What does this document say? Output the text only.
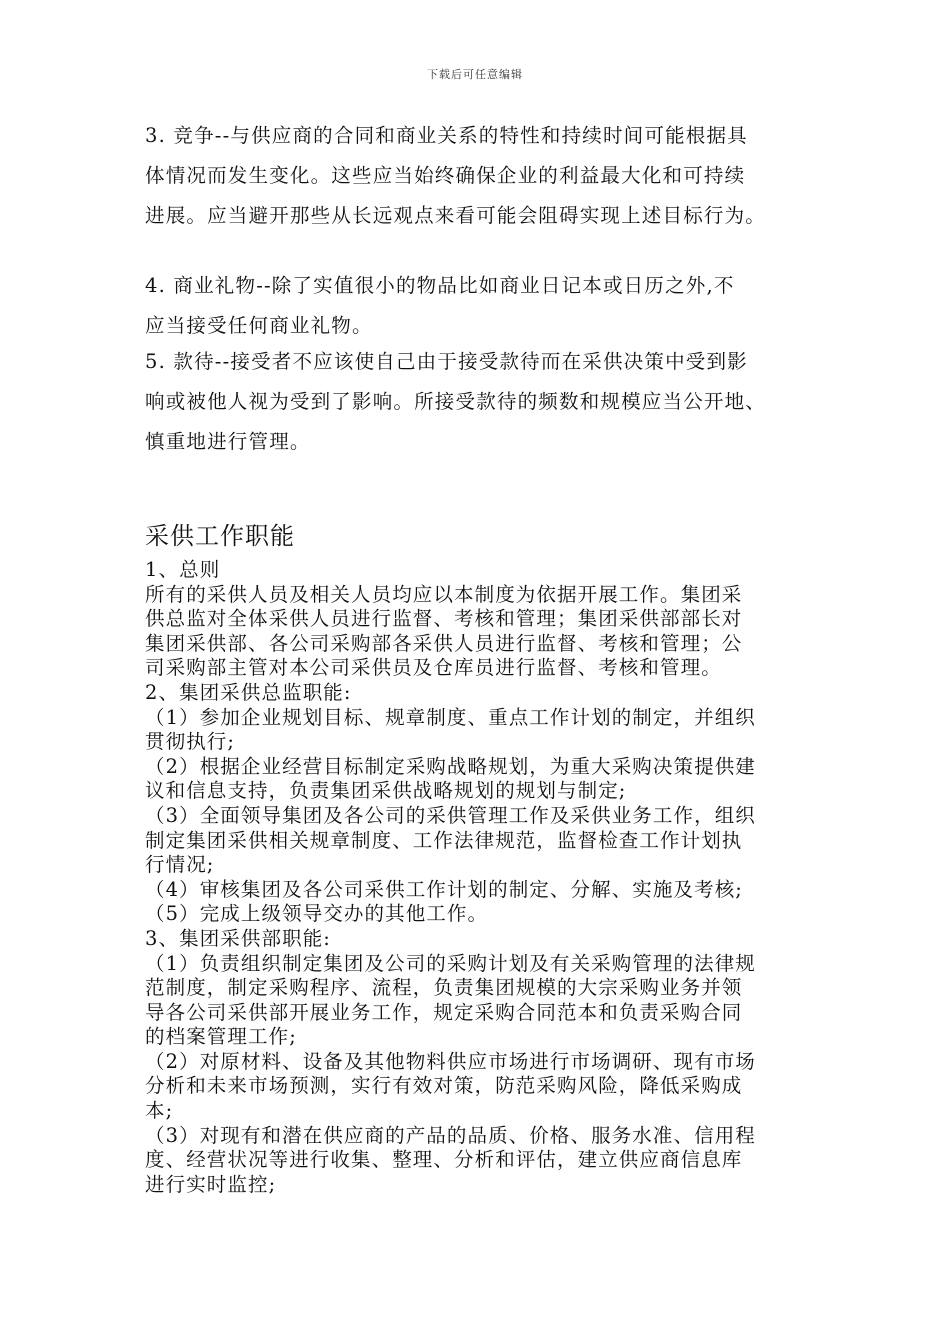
下载后可任意编辑
3. 竞争--与供应商的合同和商业关系的特性和持续时间可能根据具
体情况而发生变化。这些应当始终确保企业的利益最大化和可持续
进展。应当避开那些从长远观点来看可能会阻碍实现上述目标行为。
4. 商业礼物--除了实值很小的物品比如商业日记本或日历之外,不
应当接受任何商业礼物。
5. 款待--接受者不应该使自己由于接受款待而在采供决策中受到影
响或被他人视为受到了影响。所接受款待的频数和规模应当公开地、
慎重地进行管理。
采供工作职能
1、总则
所有的采供人员及相关人员均应以本制度为依据开展工作。集团采
供总监对全体采供人员进行监督、考核和管理；集团采供部部长对
集团采供部、各公司采购部各采供人员进行监督、考核和管理；公
司采购部主管对本公司采供员及仓库员进行监督、考核和管理。
2、集团采供总监职能:
（1）参加企业规划目标、规章制度、重点工作计划的制定，并组织
贯彻执行;
（2）根据企业经营目标制定采购战略规划，为重大采购决策提供建
议和信息支持，负责集团采供战略规划的规划与制定;
（3）全面领导集团及各公司的采供管理工作及采供业务工作，组织
制定集团采供相关规章制度、工作法律规范，监督检查工作计划执
行情况;
（4）审核集团及各公司采供工作计划的制定、分解、实施及考核;
（5）完成上级领导交办的其他工作。
3、集团采供部职能:
（1）负责组织制定集团及公司的采购计划及有关采购管理的法律规
范制度，制定采购程序、流程，负责集团规模的大宗采购业务并领
导各公司采供部开展业务工作，规定采购合同范本和负责采购合同
的档案管理工作;
（2）对原材料、设备及其他物料供应市场进行市场调研、现有市场
分析和未来市场预测，实行有效对策，防范采购风险，降低采购成
本;
（3）对现有和潜在供应商的产品的品质、价格、服务水准、信用程
度、经营状况等进行收集、整理、分析和评估，建立供应商信息库
进行实时监控;
